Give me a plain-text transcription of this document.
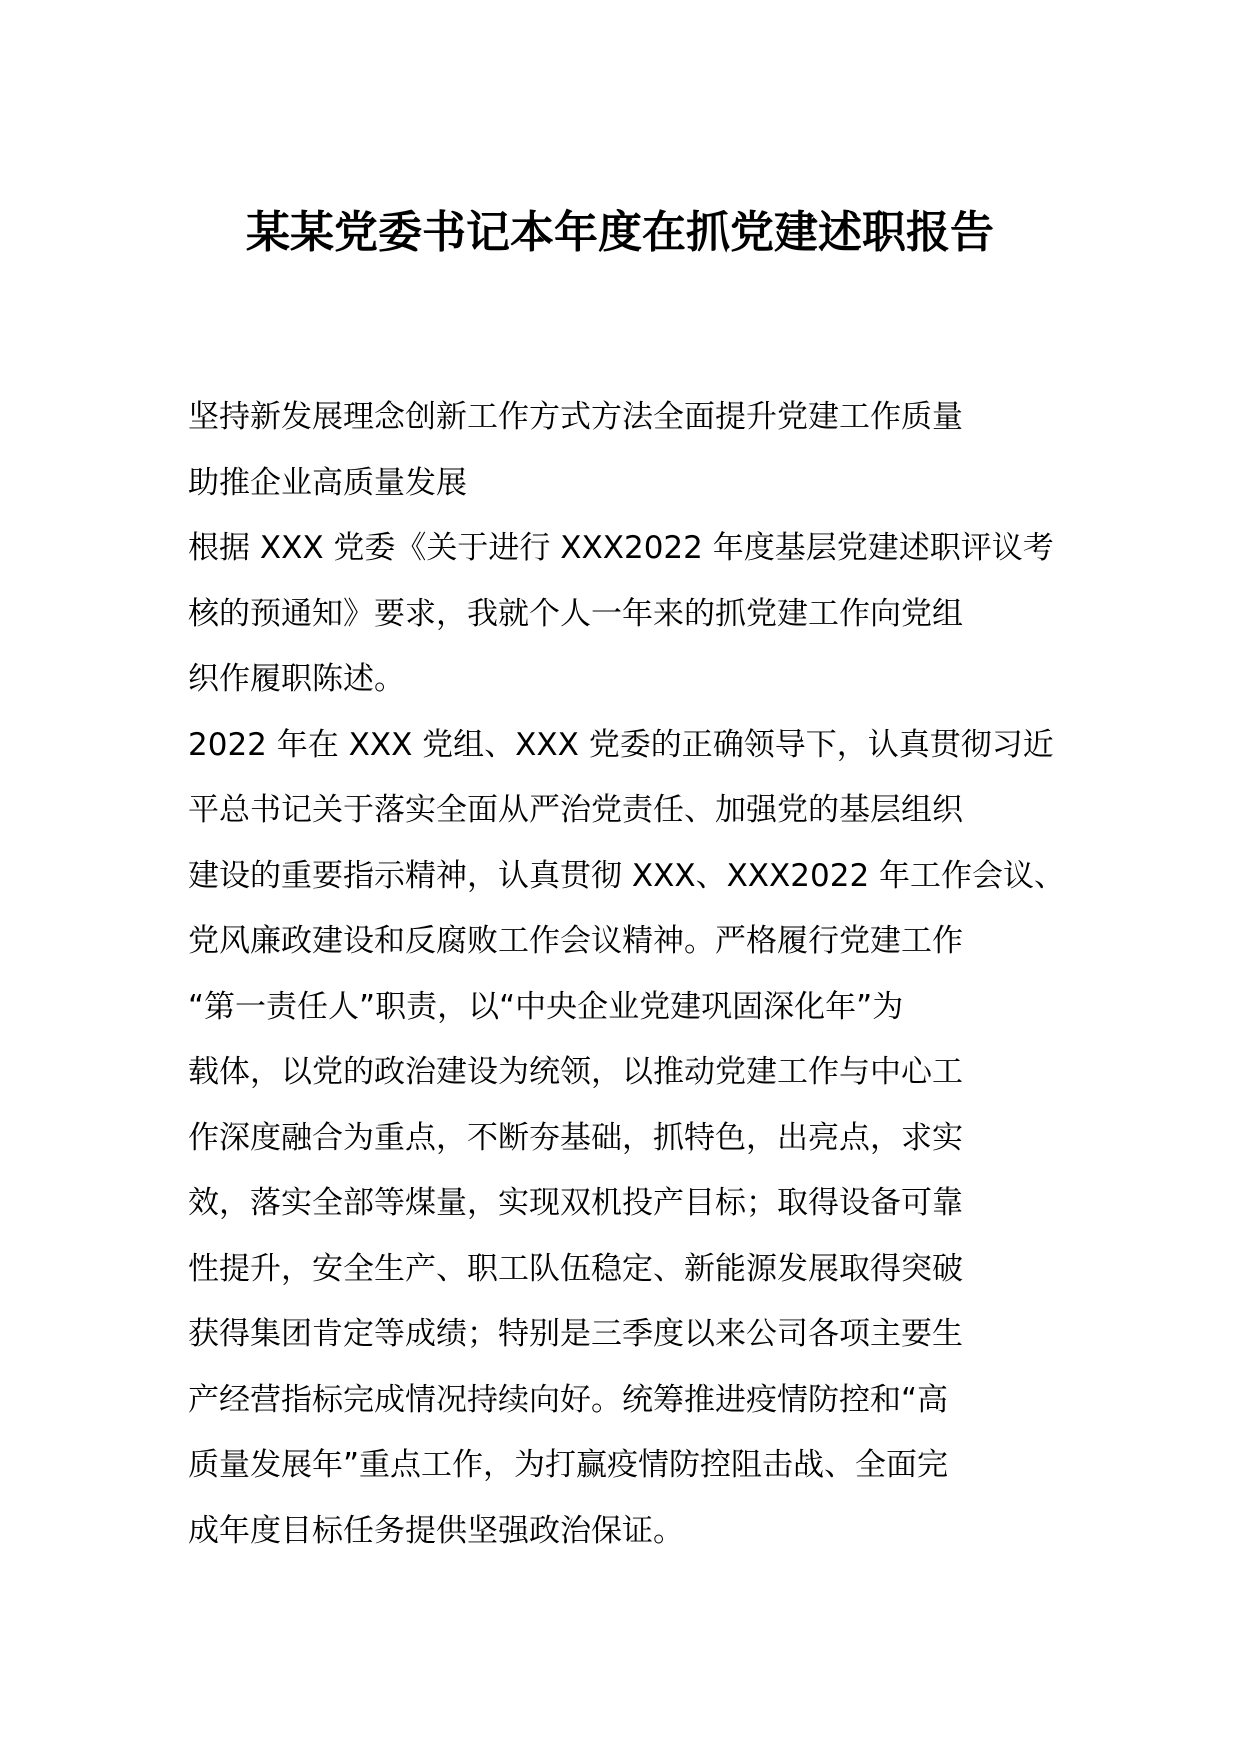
某某党委书记本年度在抓党建述职报告

坚持新发展理念创新工作方式方法全面提升党建工作质量
助推企业高质量发展

根据 XXX 党委《关于进行 XXX2022 年度基层党建述职评议考
核的预通知》要求，我就个人一年来的抓党建工作向党组
织作履职陈述。

2022 年在 XXX 党组、XXX 党委的正确领导下，认真贯彻习近
平总书记关于落实全面从严治党责任、加强党的基层组织
建设的重要指示精神，认真贯彻 XXX、XXX2022 年工作会议、
党风廉政建设和反腐败工作会议精神。严格履行党建工作
“第一责任人”职责，以“中央企业党建巩固深化年”为
载体，以党的政治建设为统领，以推动党建工作与中心工
作深度融合为重点，不断夯基础，抓特色，出亮点，求实
效，落实全部等煤量，实现双机投产目标；取得设备可靠
性提升，安全生产、职工队伍稳定、新能源发展取得突破
获得集团肯定等成绩；特别是三季度以来公司各项主要生
产经营指标完成情况持续向好。统筹推进疫情防控和“高
质量发展年”重点工作，为打赢疫情防控阻击战、全面完
成年度目标任务提供坚强政治保证。
